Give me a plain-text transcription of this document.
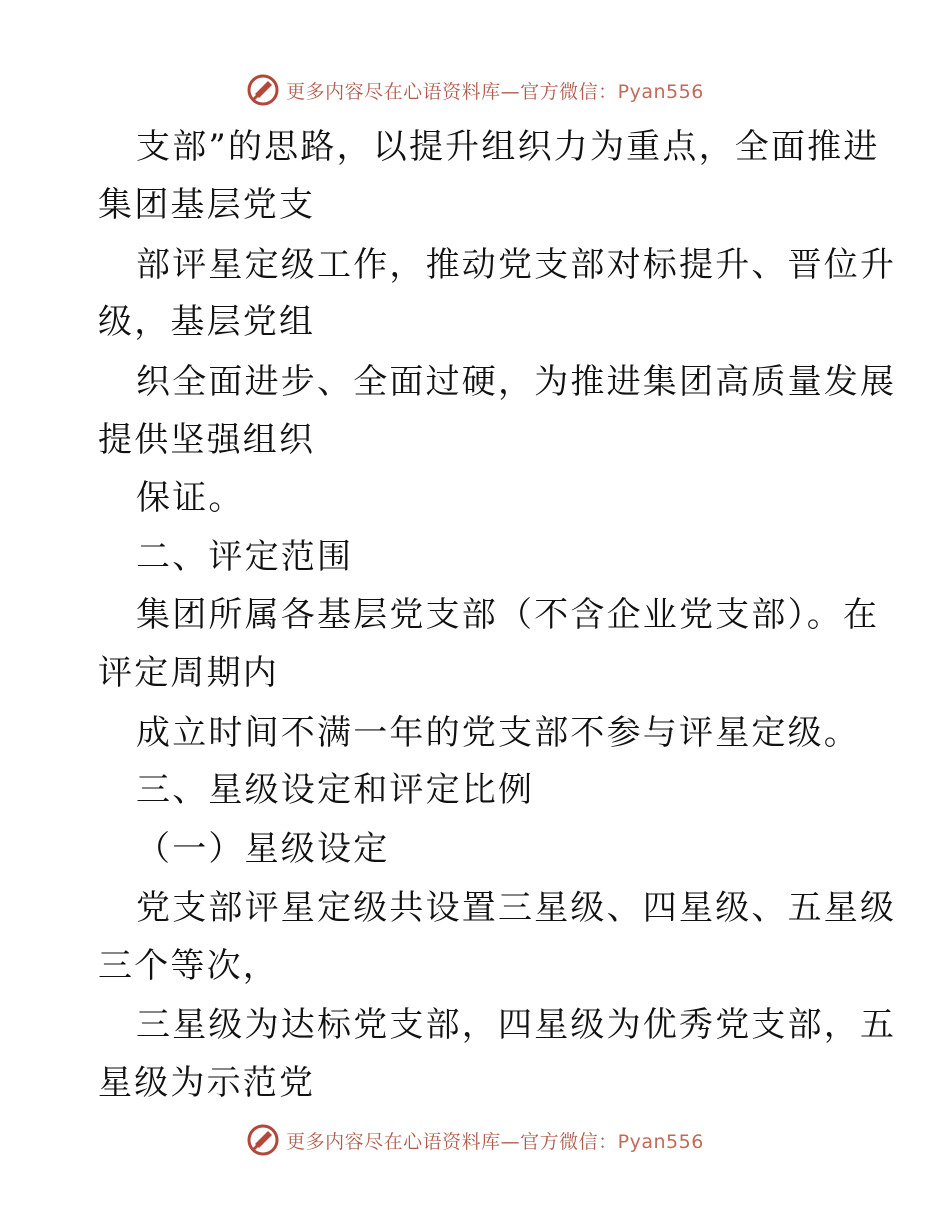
更多内容尽在心语资料库—官方微信：Pyan556
支部”的思路，以提升组织力为重点，全面推进
集团基层党支
部评星定级工作，推动党支部对标提升、晋位升
级，基层党组
织全面进步、全面过硬，为推进集团高质量发展
提供坚强组织
保证。
二、评定范围
集团所属各基层党支部（不含企业党支部）。在
评定周期内
成立时间不满一年的党支部不参与评星定级。
三、星级设定和评定比例
（一）星级设定
党支部评星定级共设置三星级、四星级、五星级
三个等次，
三星级为达标党支部，四星级为优秀党支部，五
星级为示范党
更多内容尽在心语资料库—官方微信：Pyan556
